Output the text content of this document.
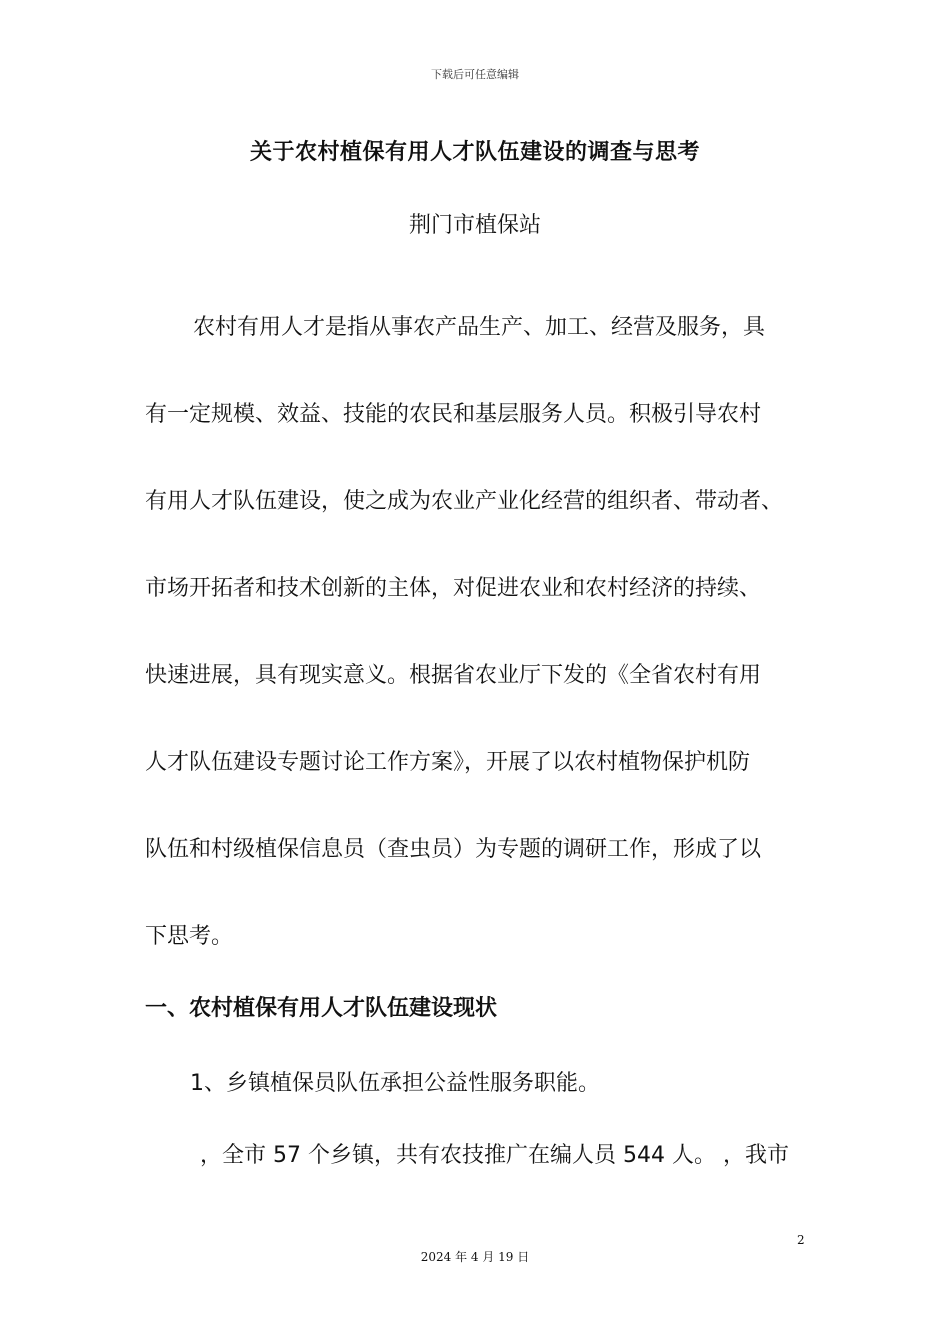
下载后可任意编辑
关于农村植保有用人才队伍建设的调查与思考
荆门市植保站
农村有用人才是指从事农产品生产、加工、经营及服务，具
有一定规模、效益、技能的农民和基层服务人员。积极引导农村
有用人才队伍建设，使之成为农业产业化经营的组织者、带动者、
市场开拓者和技术创新的主体，对促进农业和农村经济的持续、
快速进展，具有现实意义。根据省农业厅下发的《全省农村有用
人才队伍建设专题讨论工作方案》，开展了以农村植物保护机防
队伍和村级植保信息员（查虫员）为专题的调研工作，形成了以
下思考。
一、农村植保有用人才队伍建设现状
1、乡镇植保员队伍承担公益性服务职能。
，全市 57 个乡镇，共有农技推广在编人员 544 人。 ，我市
2
2024 年 4 月 19 日
